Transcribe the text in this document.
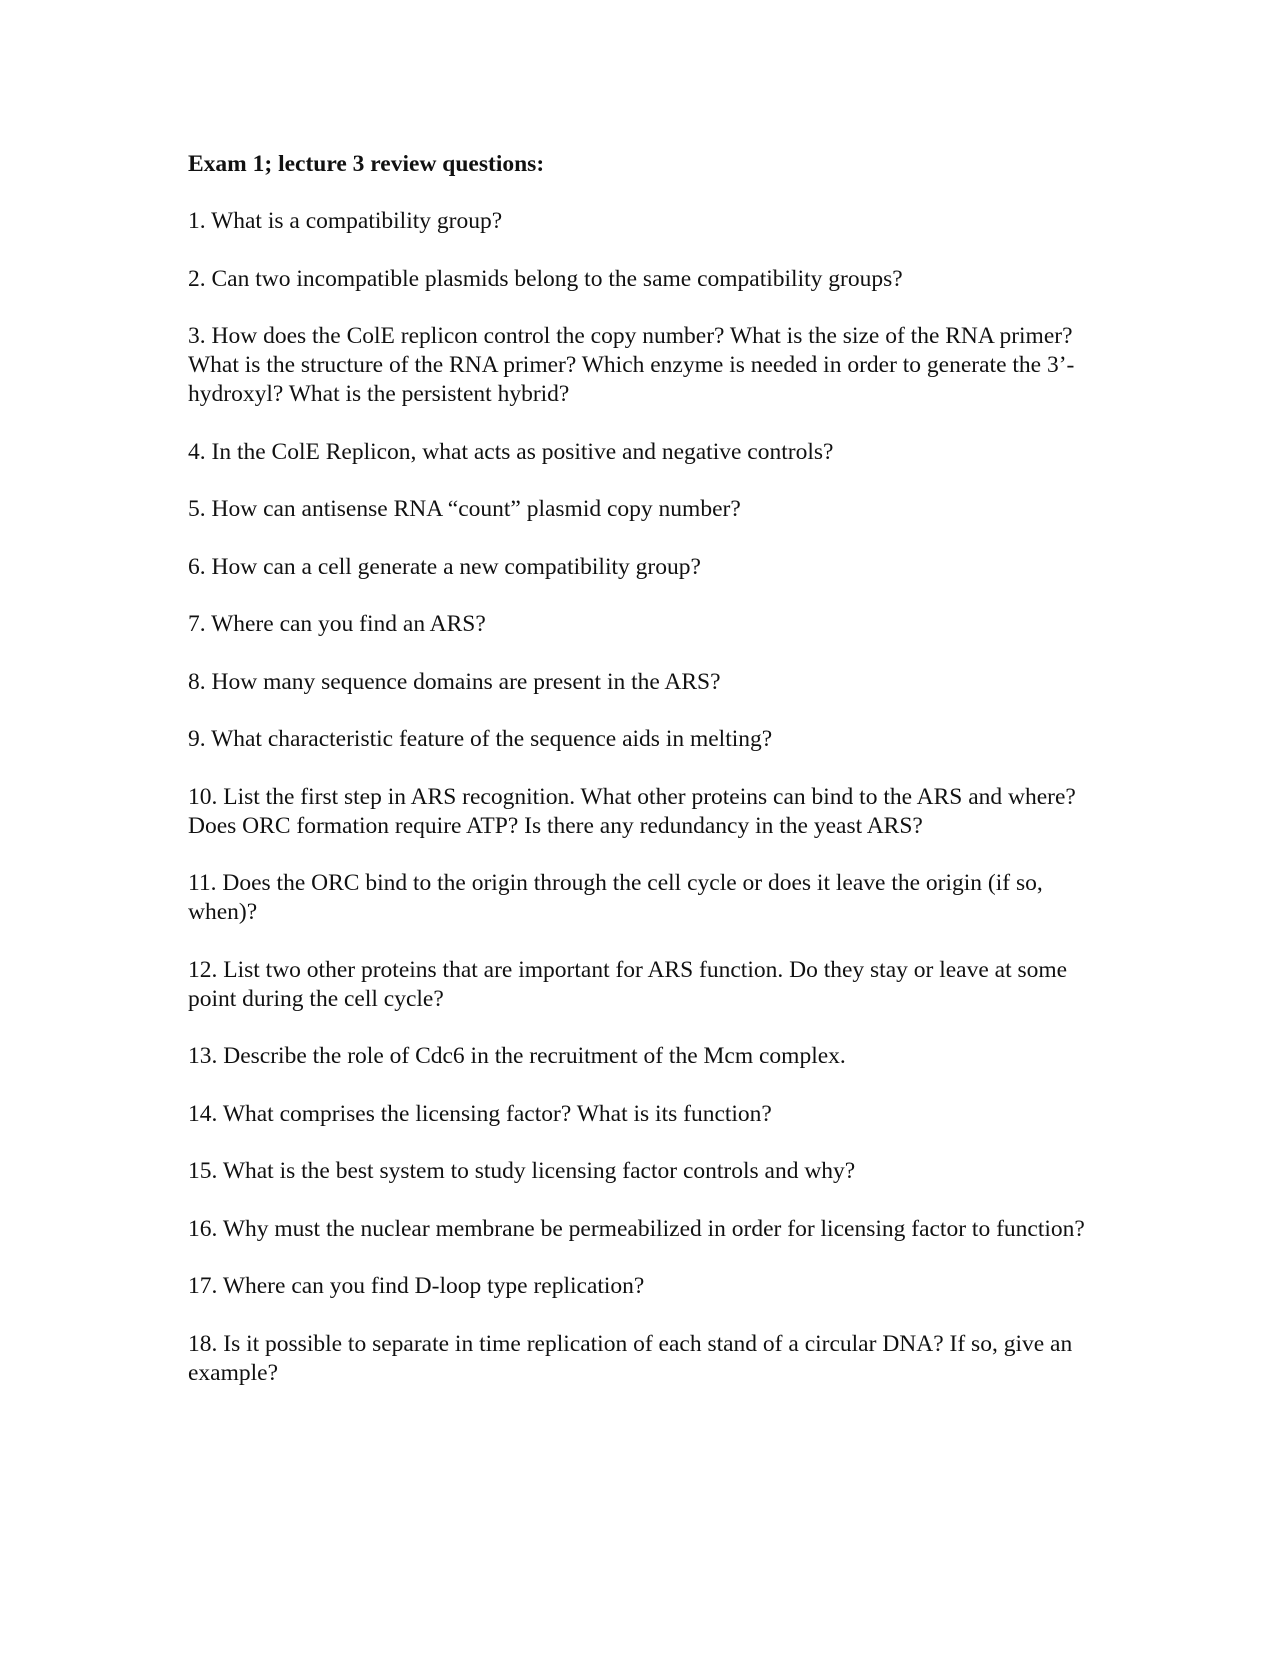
Exam 1; lecture 3 review questions:

1. What is a compatibility group?

2. Can two incompatible plasmids belong to the same compatibility groups?

3. How does the ColE replicon control the copy number? What is the size of the RNA primer? What is the structure of the RNA primer? Which enzyme is needed in order to generate the 3’-hydroxyl? What is the persistent hybrid?

4. In the ColE Replicon, what acts as positive and negative controls?

5. How can antisense RNA “count” plasmid copy number?

6. How can a cell generate a new compatibility group?

7. Where can you find an ARS?

8. How many sequence domains are present in the ARS?

9. What characteristic feature of the sequence aids in melting?

10. List the first step in ARS recognition. What other proteins can bind to the ARS and where? Does ORC formation require ATP? Is there any redundancy in the yeast ARS?

11. Does the ORC bind to the origin through the cell cycle or does it leave the origin (if so, when)?

12. List two other proteins that are important for ARS function. Do they stay or leave at some point during the cell cycle?

13. Describe the role of Cdc6 in the recruitment of the Mcm complex.

14. What comprises the licensing factor? What is its function?

15. What is the best system to study licensing factor controls and why?

16. Why must the nuclear membrane be permeabilized in order for licensing factor to function?

17. Where can you find D-loop type replication?

18. Is it possible to separate in time replication of each stand of a circular DNA? If so, give an example?
